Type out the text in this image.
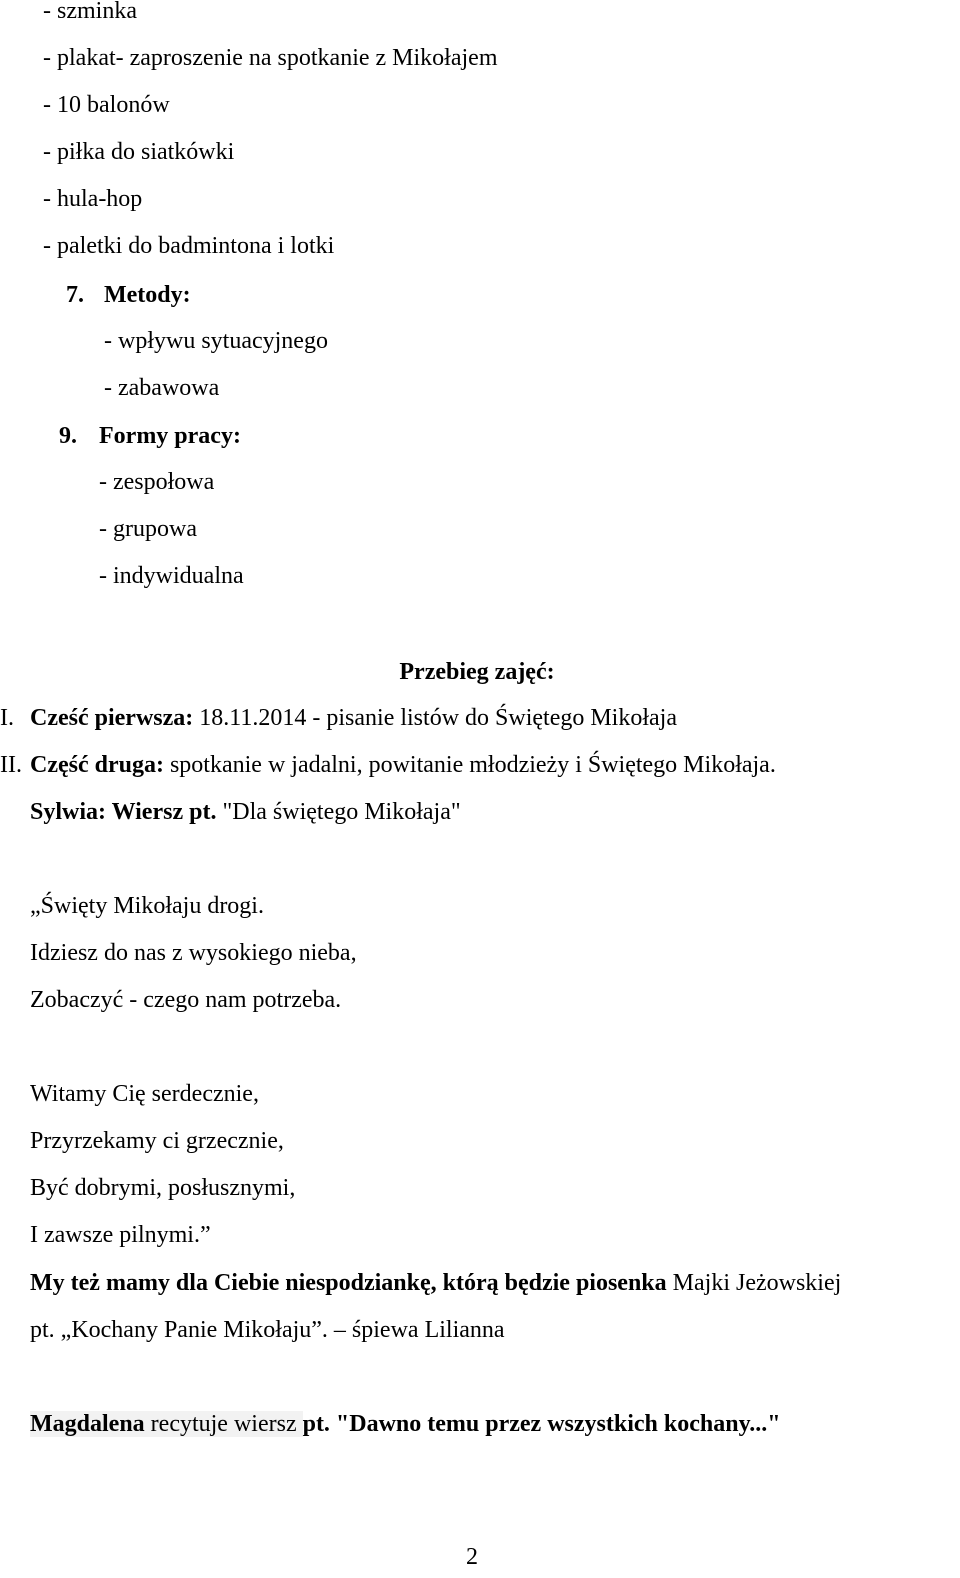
- szminka
- plakat- zaproszenie na spotkanie z Mikołajem
- 10 balonów
- piłka do siatkówki
- hula-hop
- paletki do badmintona i lotki
7. Metody:
- wpływu sytuacyjnego
- zabawowa
9. Formy pracy:
- zespołowa
- grupowa
- indywidualna
Przebieg zajęć:
I. Cześć pierwsza: 18.11.2014 - pisanie listów do Świętego Mikołaja
II. Część druga: spotkanie w jadalni, powitanie młodzieży i Świętego Mikołaja.
Sylwia: Wiersz pt. "Dla świętego Mikołaja"
„Święty Mikołaju drogi.
Idziesz do nas z wysokiego nieba,
Zobaczyć - czego nam potrzeba.
Witamy Cię serdecznie,
Przyrzekamy ci grzecznie,
Być dobrymi, posłusznymi,
I zawsze pilnymi.”
My też mamy dla Ciebie niespodziankę, którą będzie piosenka Majki Jeżowskiej
pt. „Kochany Panie Mikołaju”. – śpiewa Lilianna
Magdalena recytuje wiersz pt. "Dawno temu przez wszystkich kochany..."
2
